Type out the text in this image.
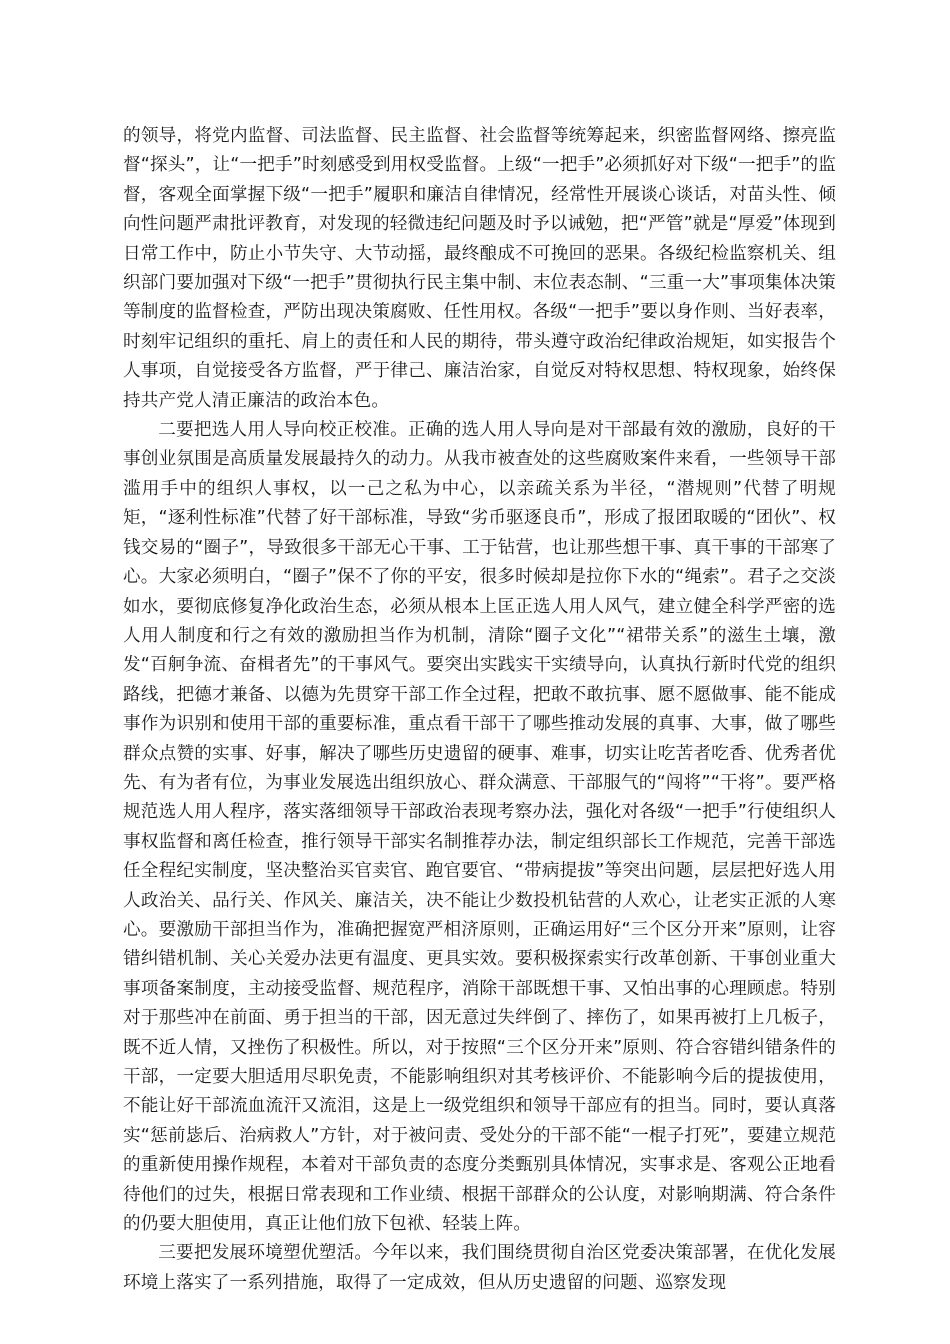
的领导，将党内监督、司法监督、民主监督、社会监督等统筹起来，织密监督网络、擦亮监督“探头”，让“一把手”时刻感受到用权受监督。上级“一把手”必须抓好对下级“一把手”的监督，客观全面掌握下级“一把手”履职和廉洁自律情况，经常性开展谈心谈话，对苗头性、倾向性问题严肃批评教育，对发现的轻微违纪问题及时予以诫勉，把“严管”就是“厚爱”体现到日常工作中，防止小节失守、大节动摇，最终酿成不可挽回的恶果。各级纪检监察机关、组织部门要加强对下级“一把手”贯彻执行民主集中制、末位表态制、“三重一大”事项集体决策等制度的监督检查，严防出现决策腐败、任性用权。各级“一把手”要以身作则、当好表率，时刻牢记组织的重托、肩上的责任和人民的期待，带头遵守政治纪律政治规矩，如实报告个人事项，自觉接受各方监督，严于律己、廉洁治家，自觉反对特权思想、特权现象，始终保持共产党人清正廉洁的政治本色。

二要把选人用人导向校正校准。正确的选人用人导向是对干部最有效的激励，良好的干事创业氛围是高质量发展最持久的动力。从我市被查处的这些腐败案件来看，一些领导干部滥用手中的组织人事权，以一己之私为中心，以亲疏关系为半径，“潜规则”代替了明规矩，“逐利性标准”代替了好干部标准，导致“劣币驱逐良币”，形成了报团取暖的“团伙”、权钱交易的“圈子”，导致很多干部无心干事、工于钻营，也让那些想干事、真干事的干部寒了心。大家必须明白，“圈子”保不了你的平安，很多时候却是拉你下水的“绳索”。君子之交淡如水，要彻底修复净化政治生态，必须从根本上匡正选人用人风气，建立健全科学严密的选人用人制度和行之有效的激励担当作为机制，清除“圈子文化”“裙带关系”的滋生土壤，激发“百舸争流、奋楫者先”的干事风气。要突出实践实干实绩导向，认真执行新时代党的组织路线，把德才兼备、以德为先贯穿干部工作全过程，把敢不敢抗事、愿不愿做事、能不能成事作为识别和使用干部的重要标准，重点看干部干了哪些推动发展的真事、大事，做了哪些群众点赞的实事、好事，解决了哪些历史遗留的硬事、难事，切实让吃苦者吃香、优秀者优先、有为者有位，为事业发展选出组织放心、群众满意、干部服气的“闯将”“干将”。要严格规范选人用人程序，落实落细领导干部政治表现考察办法，强化对各级“一把手”行使组织人事权监督和离任检查，推行领导干部实名制推荐办法，制定组织部长工作规范，完善干部选任全程纪实制度，坚决整治买官卖官、跑官要官、“带病提拔”等突出问题，层层把好选人用人政治关、品行关、作风关、廉洁关，决不能让少数投机钻营的人欢心，让老实正派的人寒心。要激励干部担当作为，准确把握宽严相济原则，正确运用好“三个区分开来”原则，让容错纠错机制、关心关爱办法更有温度、更具实效。要积极探索实行改革创新、干事创业重大事项备案制度，主动接受监督、规范程序，消除干部既想干事、又怕出事的心理顾虑。特别对于那些冲在前面、勇于担当的干部，因无意过失绊倒了、摔伤了，如果再被打上几板子，既不近人情，又挫伤了积极性。所以，对于按照“三个区分开来”原则、符合容错纠错条件的干部，一定要大胆适用尽职免责，不能影响组织对其考核评价、不能影响今后的提拔使用，不能让好干部流血流汗又流泪，这是上一级党组织和领导干部应有的担当。同时，要认真落实“惩前毖后、治病救人”方针，对于被问责、受处分的干部不能“一棍子打死”，要建立规范的重新使用操作规程，本着对干部负责的态度分类甄别具体情况，实事求是、客观公正地看待他们的过失，根据日常表现和工作业绩、根据干部群众的公认度，对影响期满、符合条件的仍要大胆使用，真正让他们放下包袱、轻装上阵。

三要把发展环境塑优塑活。今年以来，我们围绕贯彻自治区党委决策部署，在优化发展环境上落实了一系列措施，取得了一定成效，但从历史遗留的问题、巡察发现
